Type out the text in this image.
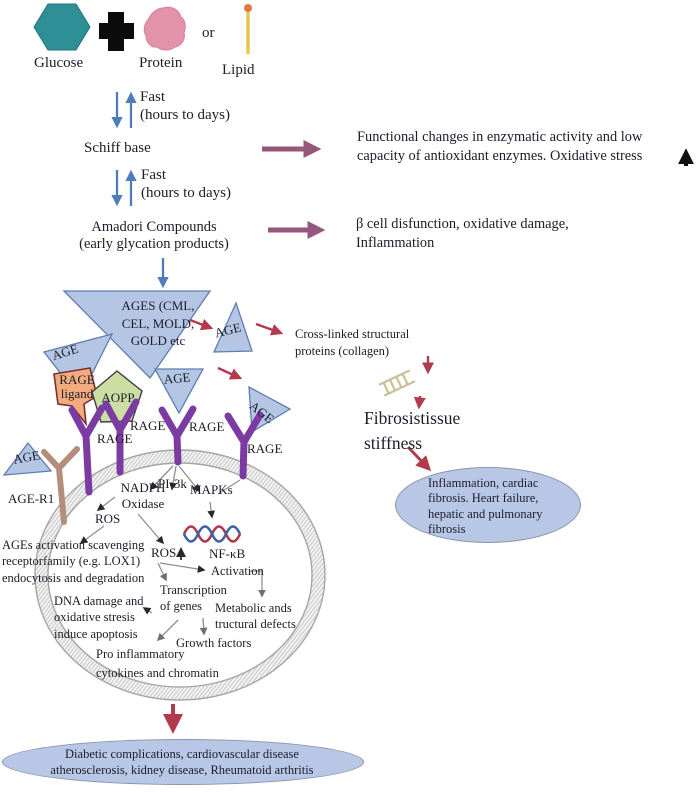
Glucose	Protein
or
Lipid
Fast
(hours to days)
Schiff base
Fast
(hours to days)
Amadori Compounds
(early glycation products)
Functional changes in enzymatic activity and low
capacity of antioxidant enzymes. Oxidative stress
β cell disfunction, oxidative damage,
Inflammation
AGES (CML,
CEL, MOLD,
GOLD etc
AGE
AGE
AGE
AGE
AGE
RAGE
ligand AOPP
RAGE
RAGE RAGE
RAGE
AGE-R1
Cross-linked structural
proteins (collagen)
Fibrosistissue
stiffness
NADPH
Oxidase
PI-3k MAPKs
ROS
ROS	NF-κB
Activation
Transcription
of genes	Metabolic ands
tructural defects
Growth factors
Pro inflammatory
cytokines and chromatin
DNA damage and
oxidative stresis
induce apoptosis
AGEs activation scavenging
receptorfamily (e.g. LOX1)
endocytosis and degradation
Inflammation, cardiac
fibrosis. Heart failure,
hepatic and pulmonary
fibrosis
Diabetic complications, cardiovascular disease
atherosclerosis, kidney disease, Rheumatoid arthritis
